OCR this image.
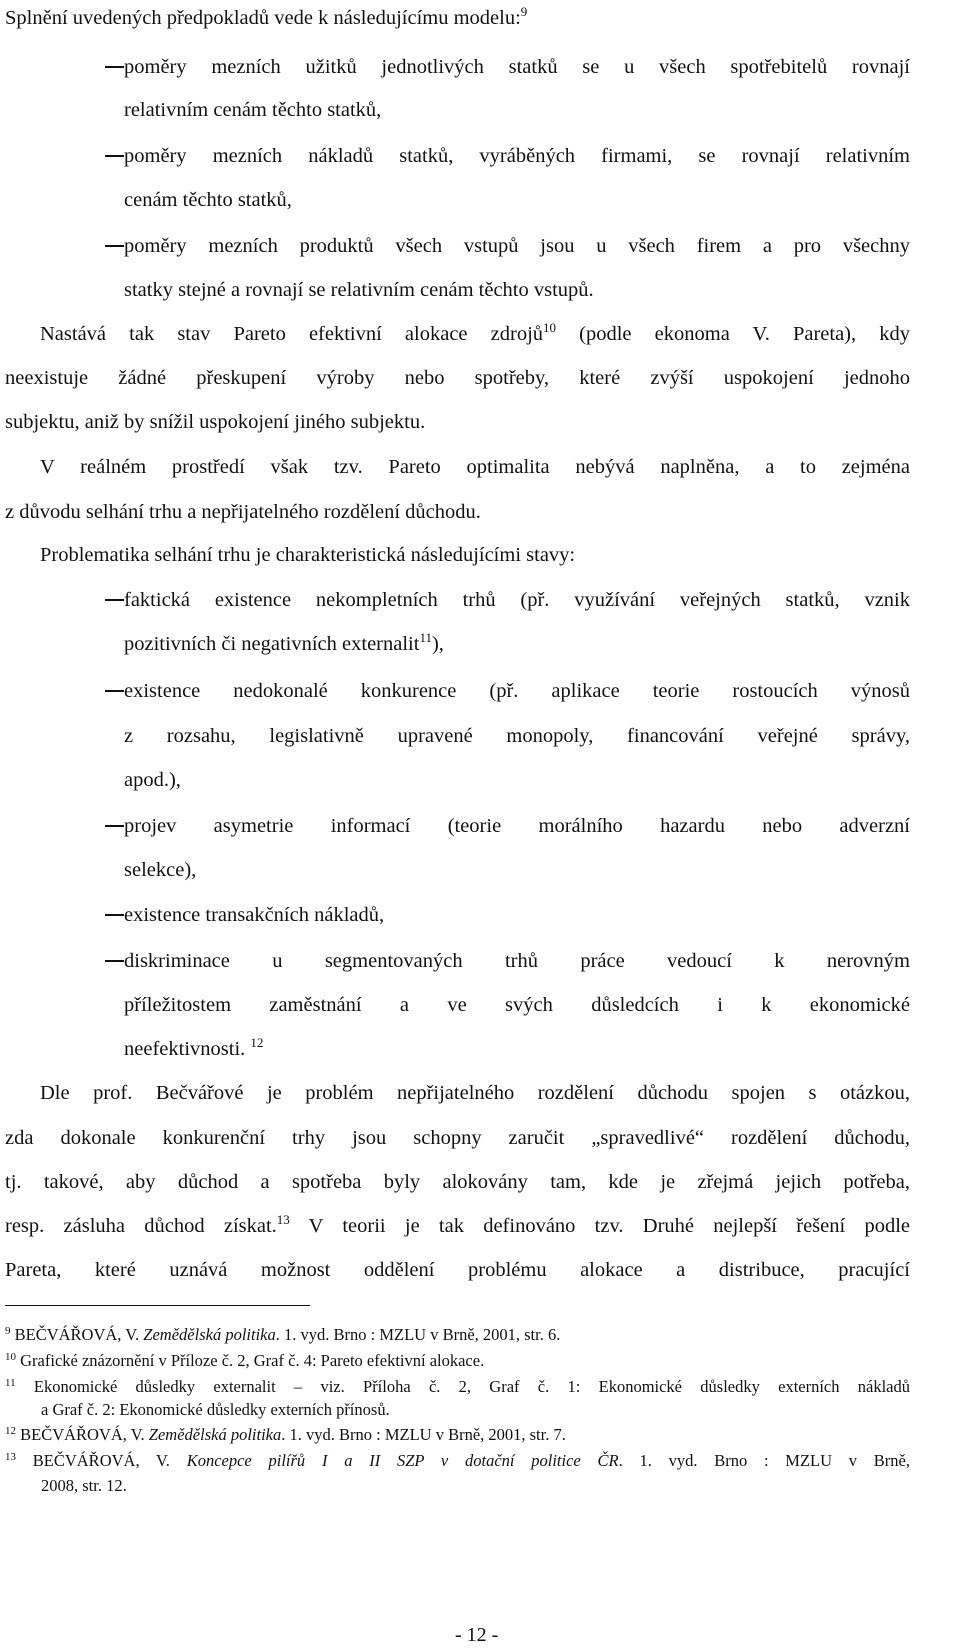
Splnění uvedených předpokladů vede k následujícímu modelu:$^9$
poměry mezních užitků jednotlivých statků se u všech spotřebitelů rovnají
relativním cenám těchto statků,
poměry mezních nákladů statků, vyráběných firmami, se rovnají relativním
cenám těchto statků,
poměry mezních produktů všech vstupů jsou u všech firem a pro všechny
statky stejné a rovnají se relativním cenám těchto vstupů.
Nastává tak stav Pareto efektivní alokace zdrojů$^{10}$ (podle ekonoma V. Pareta), kdy
neexistuje žádné přeskupení výroby nebo spotřeby, které zvýší uspokojení jednoho
subjektu, aniž by snížil uspokojení jiného subjektu.
V reálném prostředí však tzv. Pareto optimalita nebývá naplněna, a to zejména
z důvodu selhání trhu a nepřijatelného rozdělení důchodu.
Problematika selhání trhu je charakteristická následujícími stavy:
faktická existence nekompletních trhů (př. využívání veřejných statků, vznik
pozitivních či negativních externalit$^{11}$),
existence nedokonalé konkurence (př. aplikace teorie rostoucích výnosů
z rozsahu, legislativně upravené monopoly, financování veřejné správy,
apod.),
projev asymetrie informací (teorie morálního hazardu nebo adverzní
selekce),
existence transakčních nákladů,
diskriminace u segmentovaných trhů práce vedoucí k nerovným
příležitostem zaměstnání a ve svých důsledcích i k ekonomické
neefektivnosti. $^{12}$
Dle prof. Bečvářové je problém nepřijatelného rozdělení důchodu spojen s otázkou,
zda dokonale konkurenční trhy jsou schopny zaručit „spravedlivé“ rozdělení důchodu,
tj. takové, aby důchod a spotřeba byly alokovány tam, kde je zřejmá jejich potřeba,
resp. zásluha důchod získat.$^{13}$ V teorii je tak definováno tzv. Druhé nejlepší řešení podle
Pareta, které uznává možnost oddělení problému alokace a distribuce, pracující
$^9$ BEČVÁŘOVÁ, V. Zemědělská politika. 1. vyd. Brno : MZLU v Brně, 2001, str. 6.
$^{10}$ Grafické znázornění v Příloze č. 2, Graf č. 4: Pareto efektivní alokace.
$^{11}$ Ekonomické důsledky externalit – viz. Příloha č. 2, Graf č. 1: Ekonomické důsledky externích nákladů
a Graf č. 2: Ekonomické důsledky externích přínosů.
$^{12}$ BEČVÁŘOVÁ, V. Zemědělská politika. 1. vyd. Brno : MZLU v Brně, 2001, str. 7.
$^{13}$ BEČVÁŘOVÁ, V. Koncepce pilířů I a II SZP v dotační politice ČR. 1. vyd. Brno : MZLU v Brně,
2008, str. 12.
- 12 -
